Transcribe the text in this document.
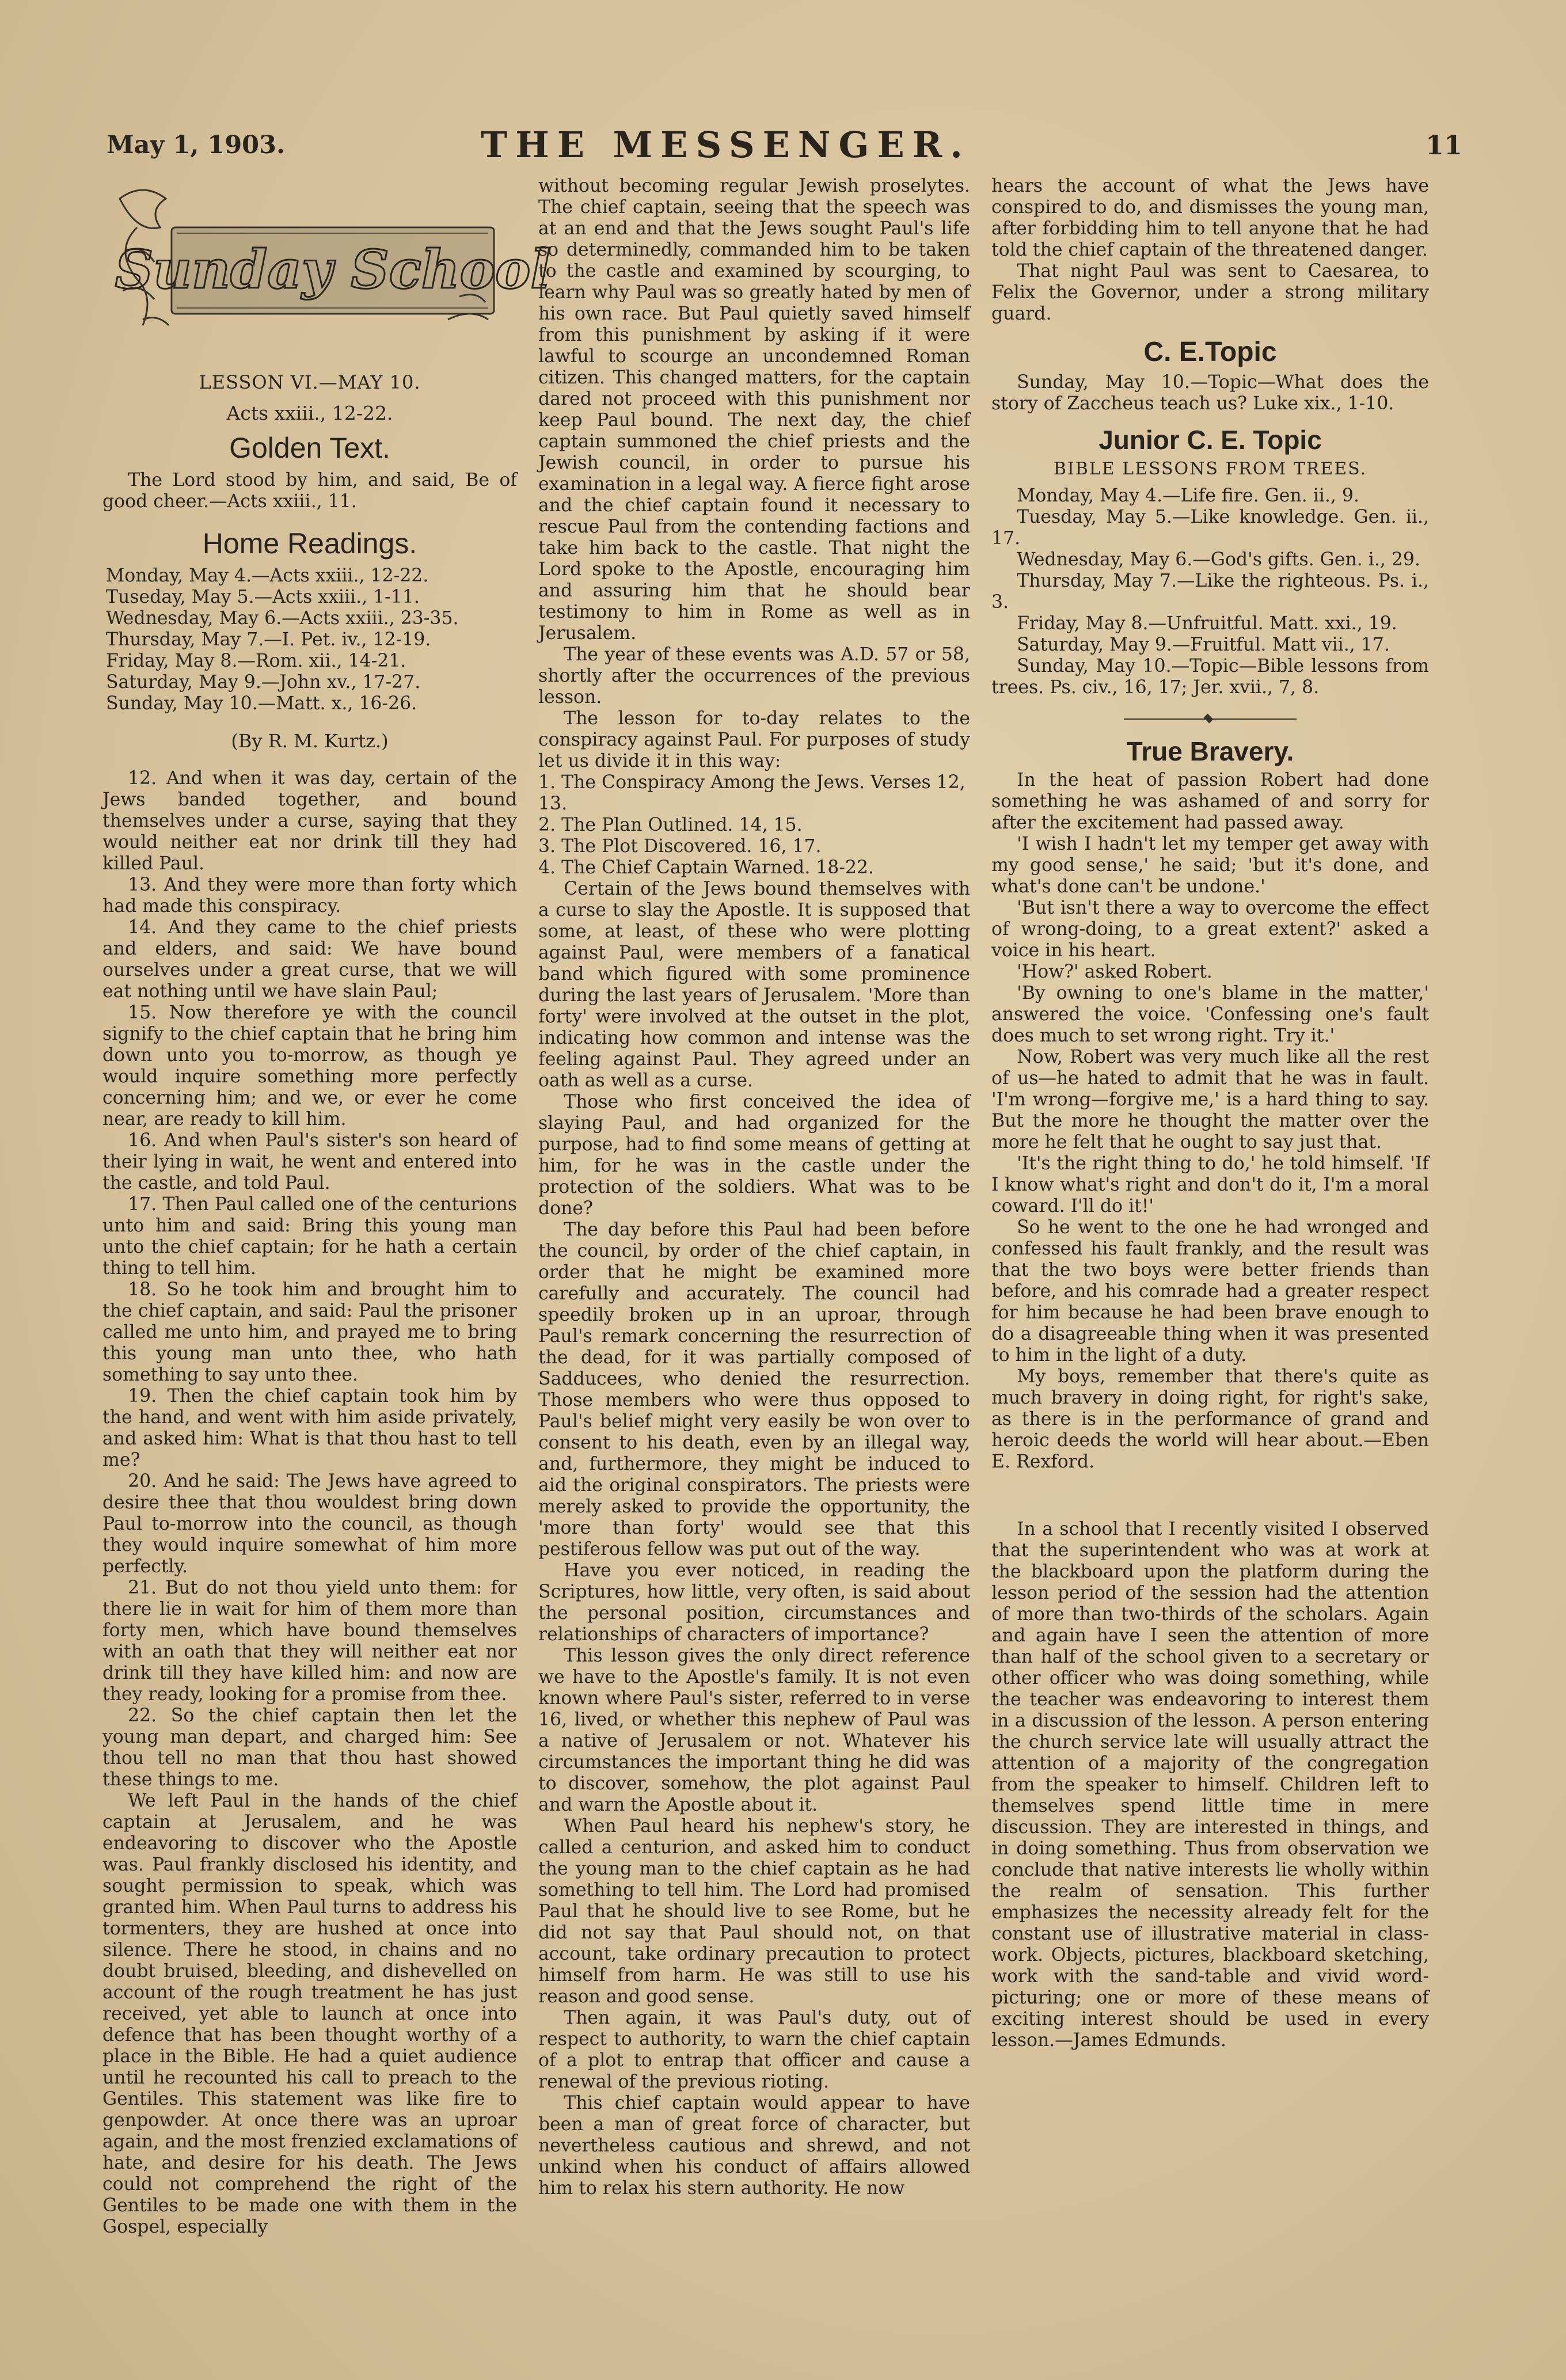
May 1, 1903.	THE MESSENGER.	11
Sunday School
LESSON VI.—MAY 10.
Acts xxiii., 12-22.
Golden Text.

The Lord stood by him, and said, Be of good cheer.—Acts xxiii., 11.

Home Readings.
Monday, May 4.—Acts xxiii., 12-22.
Tuseday, May 5.—Acts xxiii., 1-11.
Wednesday, May 6.—Acts xxiii., 23-35.
Thursday, May 7.—I. Pet. iv., 12-19.
Friday, May 8.—Rom. xii., 14-21.
Saturday, May 9.—John xv., 17-27.
Sunday, May 10.—Matt. x., 16-26.
(By R. M. Kurtz.)

12. And when it was day, certain of the Jews banded together, and bound themselves under a curse, saying that they would neither eat nor drink till they had killed Paul.

13. And they were more than forty which had made this conspiracy.

14. And they came to the chief priests and elders, and said: We have bound ourselves under a great curse, that we will eat nothing until we have slain Paul;

15. Now therefore ye with the council signify to the chief captain that he bring him down unto you to-morrow, as though ye would inquire something more perfectly concerning him; and we, or ever he come near, are ready to kill him.

16. And when Paul's sister's son heard of their lying in wait, he went and entered into the castle, and told Paul.

17. Then Paul called one of the centurions unto him and said: Bring this young man unto the chief captain; for he hath a certain thing to tell him.

18. So he took him and brought him to the chief captain, and said: Paul the prisoner called me unto him, and prayed me to bring this young man unto thee, who hath something to say unto thee.

19. Then the chief captain took him by the hand, and went with him aside privately, and asked him: What is that thou hast to tell me?

20. And he said: The Jews have agreed to desire thee that thou wouldest bring down Paul to-morrow into the council, as though they would inquire somewhat of him more perfectly.

21. But do not thou yield unto them: for there lie in wait for him of them more than forty men, which have bound themselves with an oath that they will neither eat nor drink till they have killed him: and now are they ready, looking for a promise from thee.

22. So the chief captain then let the young man depart, and charged him: See thou tell no man that thou hast showed these things to me.

We left Paul in the hands of the chief captain at Jerusalem, and he was endeavoring to discover who the Apostle was. Paul frankly disclosed his identity, and sought permission to speak, which was granted him. When Paul turns to address his tormenters, they are hushed at once into silence. There he stood, in chains and no doubt bruised, bleeding, and dishevelled on account of the rough treatment he has just received, yet able to launch at once into defence that has been thought worthy of a place in the Bible. He had a quiet audience until he recounted his call to preach to the Gentiles. This statement was like fire to genpowder. At once there was an uproar again, and the most frenzied exclamations of hate, and desire for his death. The Jews could not comprehend the right of the Gentiles to be made one with them in the Gospel, especially

without becoming regular Jewish proselytes. The chief captain, seeing that the speech was at an end and that the Jews sought Paul's life so determinedly, commanded him to be taken to the castle and examined by scourging, to learn why Paul was so greatly hated by men of his own race. But Paul quietly saved himself from this punishment by asking if it were lawful to scourge an uncondemned Roman citizen. This changed matters, for the captain dared not proceed with this punishment nor keep Paul bound. The next day, the chief captain summoned the chief priests and the Jewish council, in order to pursue his examination in a legal way. A fierce fight arose and the chief captain found it necessary to rescue Paul from the contending factions and take him back to the castle. That night the Lord spoke to the Apostle, encouraging him and assuring him that he should bear testimony to him in Rome as well as in Jerusalem.

The year of these events was A.D. 57 or 58, shortly after the occurrences of the previous lesson.

The lesson for to-day relates to the conspiracy against Paul. For purposes of study let us divide it in this way:

1. The Conspiracy Among the Jews. Verses 12, 13.
2. The Plan Outlined. 14, 15.
3. The Plot Discovered. 16, 17.
4. The Chief Captain Warned. 18-22.

Certain of the Jews bound themselves with a curse to slay the Apostle. It is supposed that some, at least, of these who were plotting against Paul, were members of a fanatical band which figured with some prominence during the last years of Jerusalem. 'More than forty' were involved at the outset in the plot, indicating how common and intense was the feeling against Paul. They agreed under an oath as well as a curse.

Those who first conceived the idea of slaying Paul, and had organized for the purpose, had to find some means of getting at him, for he was in the castle under the protection of the soldiers. What was to be done?

The day before this Paul had been before the council, by order of the chief captain, in order that he might be examined more carefully and accurately. The council had speedily broken up in an uproar, through Paul's remark concerning the resurrection of the dead, for it was partially composed of Sadducees, who denied the resurrection. Those members who were thus opposed to Paul's belief might very easily be won over to consent to his death, even by an illegal way, and, furthermore, they might be induced to aid the original conspirators. The priests were merely asked to provide the opportunity, the 'more than forty' would see that this pestiferous fellow was put out of the way.

Have you ever noticed, in reading the Scriptures, how little, very often, is said about the personal position, circumstances and relationships of characters of importance?

This lesson gives the only direct reference we have to the Apostle's family. It is not even known where Paul's sister, referred to in verse 16, lived, or whether this nephew of Paul was a native of Jerusalem or not. Whatever his circumstances the important thing he did was to discover, somehow, the plot against Paul and warn the Apostle about it.

When Paul heard his nephew's story, he called a centurion, and asked him to conduct the young man to the chief captain as he had something to tell him. The Lord had promised Paul that he should live to see Rome, but he did not say that Paul should not, on that account, take ordinary precaution to protect himself from harm. He was still to use his reason and good sense.

Then again, it was Paul's duty, out of respect to authority, to warn the chief captain of a plot to entrap that officer and cause a renewal of the previous rioting.

This chief captain would appear to have been a man of great force of character, but nevertheless cautious and shrewd, and not unkind when his conduct of affairs allowed him to relax his stern authority. He now

hears the account of what the Jews have conspired to do, and dismisses the young man, after forbidding him to tell anyone that he had told the chief captain of the threatened danger.

That night Paul was sent to Caesarea, to Felix the Governor, under a strong military guard.

C. E.Topic

Sunday, May 10.—Topic—What does the story of Zaccheus teach us? Luke xix., 1-10.

Junior C. E. Topic
BIBLE LESSONS FROM TREES.

Monday, May 4.—Life fire. Gen. ii., 9.

Tuesday, May 5.—Like knowledge. Gen. ii., 17.

Wednesday, May 6.—God's gifts. Gen. i., 29.

Thursday, May 7.—Like the righteous. Ps. i., 3.

Friday, May 8.—Unfruitful. Matt. xxi., 19.

Saturday, May 9.—Fruitful. Matt vii., 17.

Sunday, May 10.—Topic—Bible lessons from trees. Ps. civ., 16, 17; Jer. xvii., 7, 8.

True Bravery.

In the heat of passion Robert had done something he was ashamed of and sorry for after the excitement had passed away.

'I wish I hadn't let my temper get away with my good sense,' he said; 'but it's done, and what's done can't be undone.'

'But isn't there a way to overcome the effect of wrong-doing, to a great extent?' asked a voice in his heart.

'How?' asked Robert.

'By owning to one's blame in the matter,' answered the voice. 'Confessing one's fault does much to set wrong right. Try it.'

Now, Robert was very much like all the rest of us—he hated to admit that he was in fault. 'I'm wrong—forgive me,' is a hard thing to say. But the more he thought the matter over the more he felt that he ought to say just that.

'It's the right thing to do,' he told himself. 'If I know what's right and don't do it, I'm a moral coward. I'll do it!'

So he went to the one he had wronged and confessed his fault frankly, and the result was that the two boys were better friends than before, and his comrade had a greater respect for him because he had been brave enough to do a disagreeable thing when it was presented to him in the light of a duty.

My boys, remember that there's quite as much bravery in doing right, for right's sake, as there is in the performance of grand and heroic deeds the world will hear about.—Eben E. Rexford.

In a school that I recently visited I observed that the superintendent who was at work at the blackboard upon the platform during the lesson period of the session had the attention of more than two-thirds of the scholars. Again and again have I seen the attention of more than half of the school given to a secretary or other officer who was doing something, while the teacher was endeavoring to interest them in a discussion of the lesson. A person entering the church service late will usually attract the attention of a majority of the congregation from the speaker to himself. Children left to themselves spend little time in mere discussion. They are interested in things, and in doing something. Thus from observation we conclude that native interests lie wholly within the realm of sensation. This further emphasizes the necessity already felt for the constant use of illustrative material in class-work. Objects, pictures, blackboard sketching, work with the sand-table and vivid word-picturing; one or more of these means of exciting interest should be used in every lesson.—James Edmunds.
